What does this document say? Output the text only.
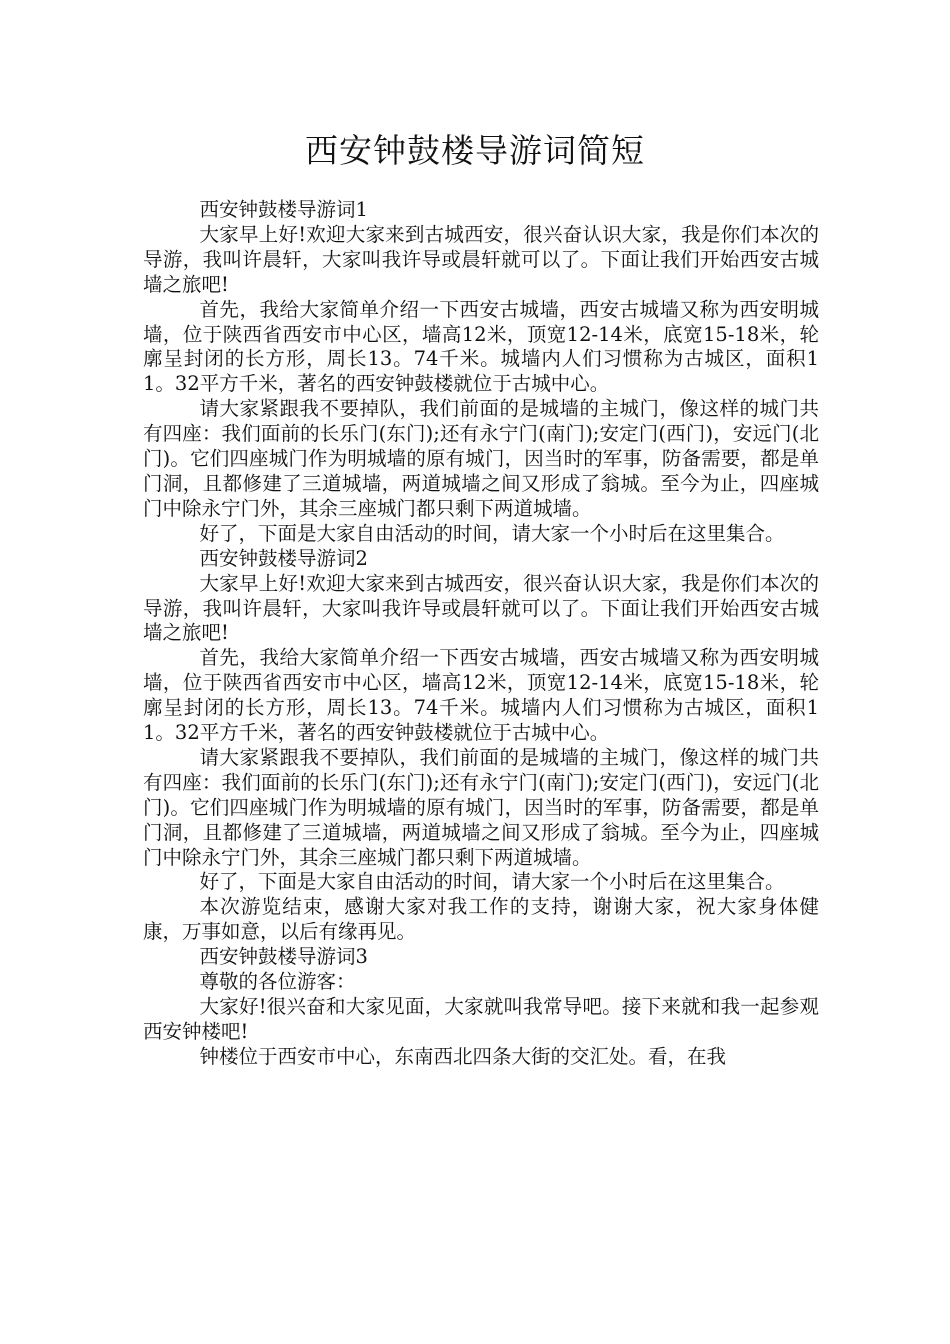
西安钟鼓楼导游词简短

西安钟鼓楼导游词1

大家早上好!欢迎大家来到古城西安，很兴奋认识大家，我是你们本次的导游，我叫许晨轩，大家叫我许导或晨轩就可以了。下面让我们开始西安古城墙之旅吧!

首先，我给大家简单介绍一下西安古城墙，西安古城墙又称为西安明城墙，位于陕西省西安市中心区，墙高12米，顶宽12-14米，底宽15-18米，轮廓呈封闭的长方形，周长13。74千米。城墙内人们习惯称为古城区，面积11。32平方千米，著名的西安钟鼓楼就位于古城中心。

请大家紧跟我不要掉队，我们前面的是城墙的主城门，像这样的城门共有四座：我们面前的长乐门(东门);还有永宁门(南门);安定门(西门)，安远门(北门)。它们四座城门作为明城墙的原有城门，因当时的军事，防备需要，都是单门洞，且都修建了三道城墙，两道城墙之间又形成了翁城。至今为止，四座城门中除永宁门外，其余三座城门都只剩下两道城墙。

好了，下面是大家自由活动的时间，请大家一个小时后在这里集合。

西安钟鼓楼导游词2

大家早上好!欢迎大家来到古城西安，很兴奋认识大家，我是你们本次的导游，我叫许晨轩，大家叫我许导或晨轩就可以了。下面让我们开始西安古城墙之旅吧!

首先，我给大家简单介绍一下西安古城墙，西安古城墙又称为西安明城墙，位于陕西省西安市中心区，墙高12米，顶宽12-14米，底宽15-18米，轮廓呈封闭的长方形，周长13。74千米。城墙内人们习惯称为古城区，面积11。32平方千米，著名的西安钟鼓楼就位于古城中心。

请大家紧跟我不要掉队，我们前面的是城墙的主城门，像这样的城门共有四座：我们面前的长乐门(东门);还有永宁门(南门);安定门(西门)，安远门(北门)。它们四座城门作为明城墙的原有城门，因当时的军事，防备需要，都是单门洞，且都修建了三道城墙，两道城墙之间又形成了翁城。至今为止，四座城门中除永宁门外，其余三座城门都只剩下两道城墙。

好了，下面是大家自由活动的时间，请大家一个小时后在这里集合。

本次游览结束，感谢大家对我工作的支持，谢谢大家，祝大家身体健康，万事如意，以后有缘再见。

西安钟鼓楼导游词3

尊敬的各位游客：

大家好!很兴奋和大家见面，大家就叫我常导吧。接下来就和我一起参观西安钟楼吧!

钟楼位于西安市中心，东南西北四条大街的交汇处。看，在我
